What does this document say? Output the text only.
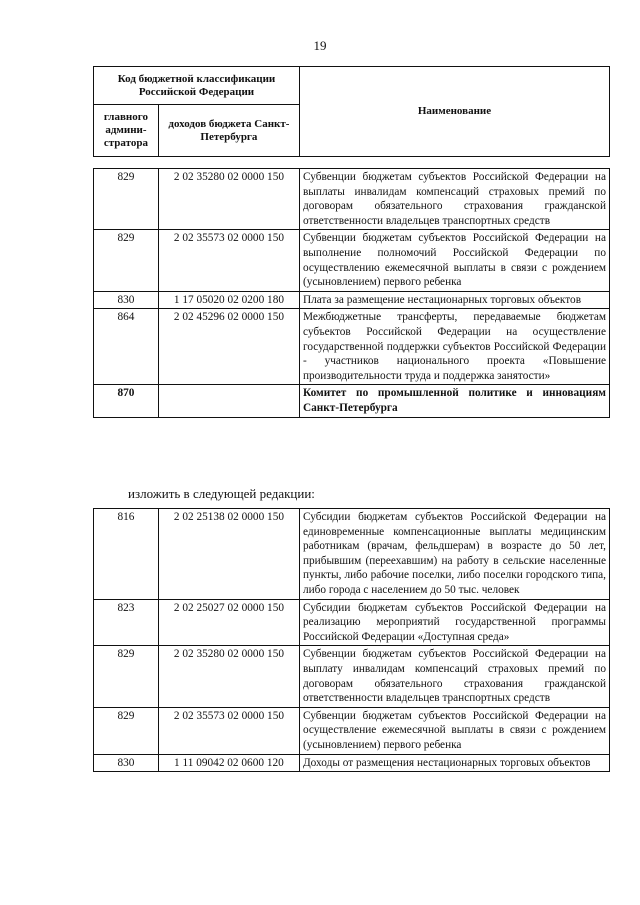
19
Код бюджетной классификации Российской Федерации		Наименование
главного админи-стратора	доходов бюджета Санкт-Петербурга	
829	2 02 35280 02 0000 150	Субвенции бюджетам субъектов Российской Федерации на выплаты инвалидам компенсаций страховых премий по договорам обязательного страхования гражданской ответственности владельцев транспортных средств
829	2 02 35573 02 0000 150	Субвенции бюджетам субъектов Российской Федерации на выполнение полномочий Российской Федерации по осуществлению ежемесячной выплаты в связи с рождением (усыновлением) первого ребенка
830	1 17 05020 02 0200 180	Плата за размещение нестационарных торговых объектов
864	2 02 45296 02 0000 150	Межбюджетные трансферты, передаваемые бюджетам субъектов Российской Федерации на осуществление государственной поддержки субъектов Российской Федерации - участников национального проекта «Повышение производительности труда и поддержка занятости»
870		Комитет по промышленной политике и инновациям Санкт-Петербурга
изложить в следующей редакции:
816	2 02 25138 02 0000 150	Субсидии бюджетам субъектов Российской Федерации на единовременные компенсационные выплаты медицинским работникам (врачам, фельдшерам) в возрасте до 50 лет, прибывшим (переехавшим) на работу в сельские населенные пункты, либо рабочие поселки, либо поселки городского типа, либо города с населением до 50 тыс. человек
823	2 02 25027 02 0000 150	Субсидии бюджетам субъектов Российской Федерации на реализацию мероприятий государственной программы Российской Федерации «Доступная среда»
829	2 02 35280 02 0000 150	Субвенции бюджетам субъектов Российской Федерации на выплату инвалидам компенсаций страховых премий по договорам обязательного страхования гражданской ответственности владельцев транспортных средств
829	2 02 35573 02 0000 150	Субвенции бюджетам субъектов Российской Федерации на осуществление ежемесячной выплаты в связи с рождением (усыновлением) первого ребенка
830	1 11 09042 02 0600 120	Доходы от размещения нестационарных торговых объектов
